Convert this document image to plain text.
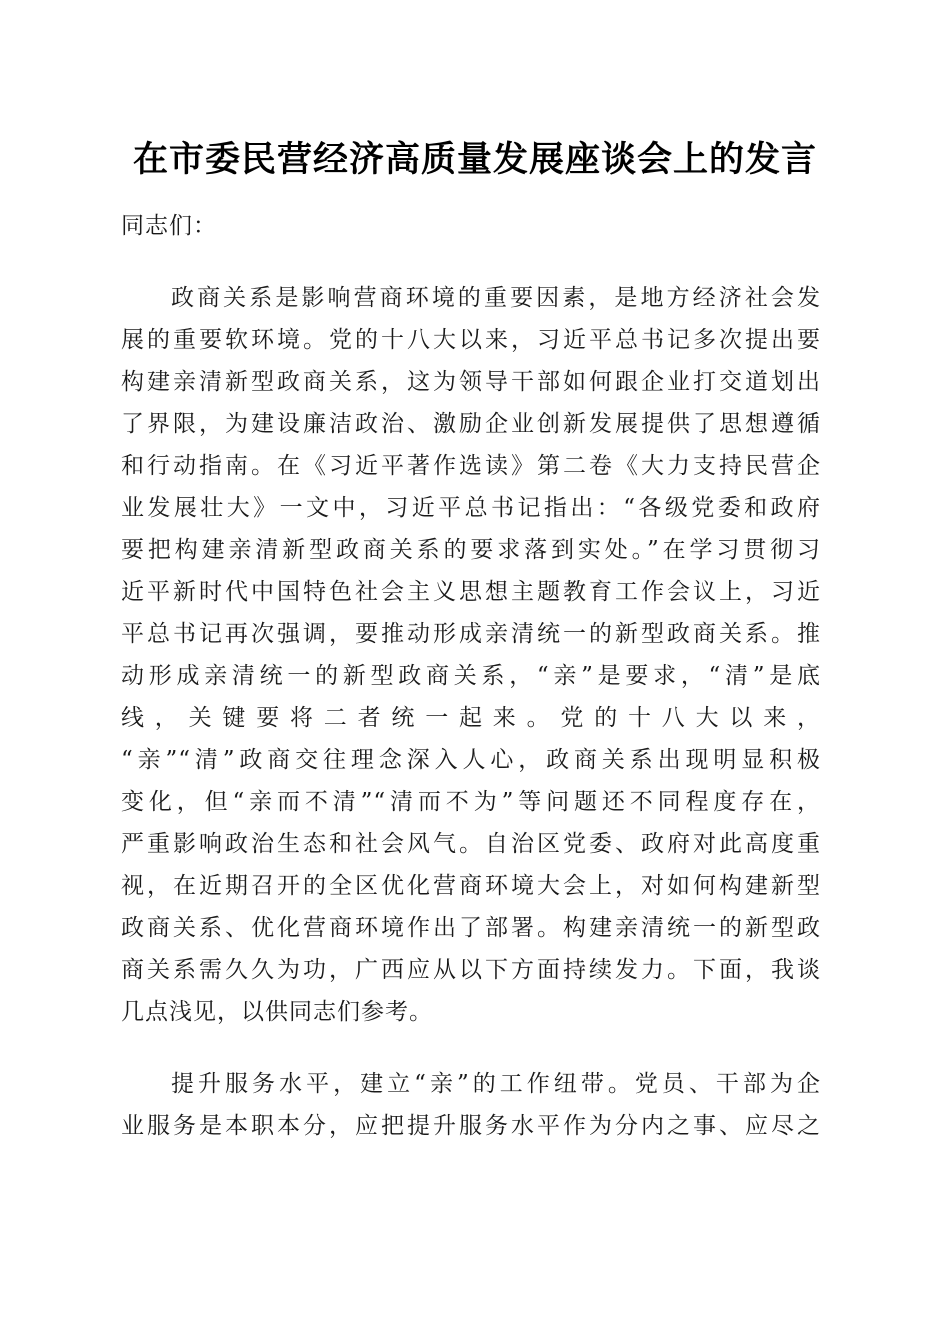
在市委民营经济高质量发展座谈会上的发言

同志们：

政商关系是影响营商环境的重要因素，是地方经济社会发

展的重要软环境。党的十八大以来，习近平总书记多次提出要

构建亲清新型政商关系，这为领导干部如何跟企业打交道划出

了界限，为建设廉洁政治、激励企业创新发展提供了思想遵循

和行动指南。在《习近平著作选读》第二卷《大力支持民营企

业发展壮大》一文中，习近平总书记指出：“各级党委和政府

要把构建亲清新型政商关系的要求落到实处。”在学习贯彻习

近平新时代中国特色社会主义思想主题教育工作会议上，习近

平总书记再次强调，要推动形成亲清统一的新型政商关系。推

动形成亲清统一的新型政商关系，“亲”是要求，“清”是底

线，关键要将二者统一起来。党的十八大以来，

“亲”“清”政商交往理念深入人心，政商关系出现明显积极

变化，但“亲而不清”“清而不为”等问题还不同程度存在，

严重影响政治生态和社会风气。自治区党委、政府对此高度重

视，在近期召开的全区优化营商环境大会上，对如何构建新型

政商关系、优化营商环境作出了部署。构建亲清统一的新型政

商关系需久久为功，广西应从以下方面持续发力。下面，我谈

几点浅见，以供同志们参考。

提升服务水平，建立“亲”的工作纽带。党员、干部为企

业服务是本职本分，应把提升服务水平作为分内之事、应尽之
